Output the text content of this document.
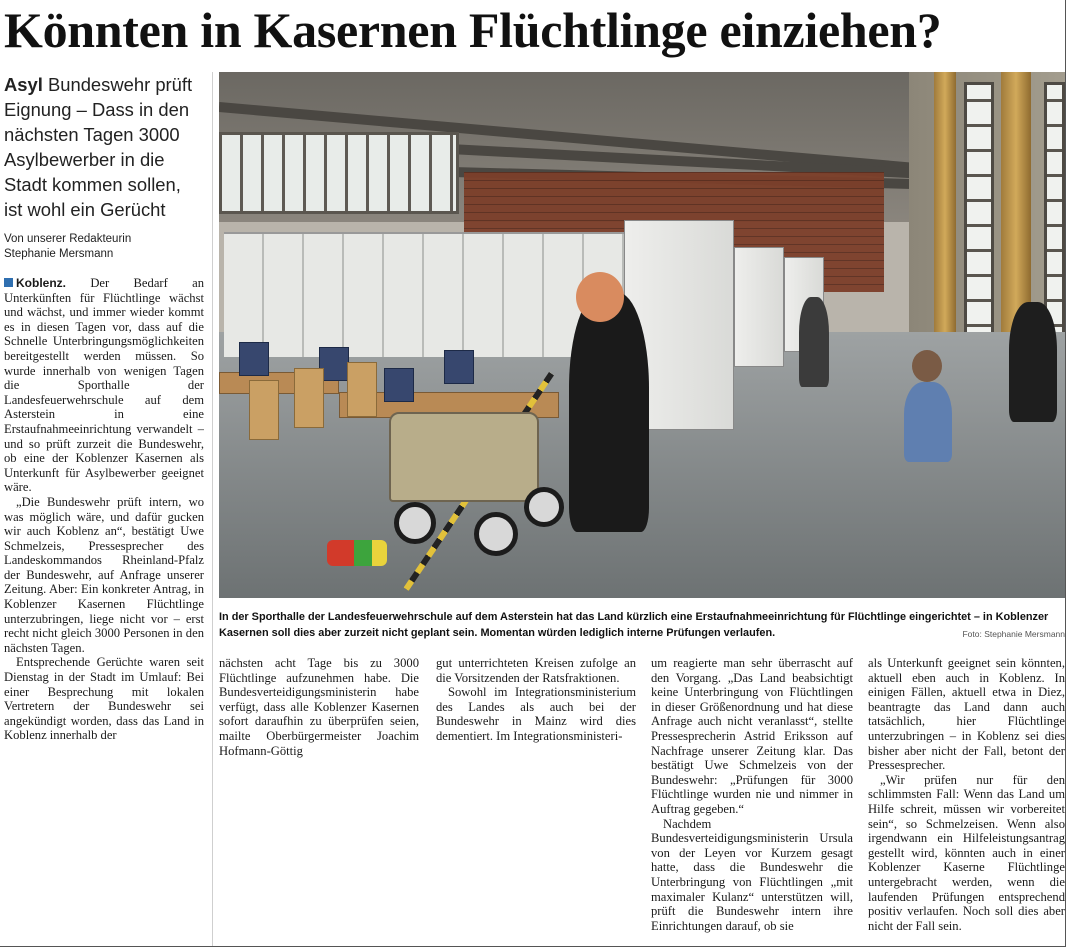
Könnten in Kasernen Flüchtlinge einziehen?
Asyl Bundeswehr prüft Eignung – Dass in den nächsten Tagen 3000 Asylbewerber in die Stadt kommen sollen, ist wohl ein Gerücht
Von unserer Redakteurin
Stephanie Mersmann
In der Sporthalle der Landesfeuerwehrschule auf dem Asterstein hat das Land kürzlich eine Erstaufnahmeeinrichtung für Flüchtlinge eingerichtet – in Koblenzer Kasernen soll dies aber zurzeit nicht geplant sein. Momentan würden lediglich interne Prüfungen verlaufen.	Foto: Stephanie Mersmann

Koblenz. Der Bedarf an Unterkünften für Flüchtlinge wächst und wächst, und immer wieder kommt es in diesen Tagen vor, dass auf die Schnelle Unterbringungsmöglichkeiten bereitgestellt werden müssen. So wurde innerhalb von wenigen Tagen die Sporthalle der Landesfeuerwehrschule auf dem Asterstein in eine Erstaufnahmeeinrichtung verwandelt – und so prüft zurzeit die Bundeswehr, ob eine der Koblenzer Kasernen als Unterkunft für Asylbewerber geeignet wäre.

„Die Bundeswehr prüft intern, wo was möglich wäre, und dafür gucken wir auch Koblenz an“, bestätigt Uwe Schmelzeis, Pressesprecher des Landeskommandos Rheinland-Pfalz der Bundeswehr, auf Anfrage unserer Zeitung. Aber: Ein konkreter Antrag, in Koblenzer Kasernen Flüchtlinge unterzubringen, liege nicht vor – erst recht nicht gleich 3000 Personen in den nächsten Tagen.

Entsprechende Gerüchte waren seit Dienstag in der Stadt im Umlauf: Bei einer Besprechung mit lokalen Vertretern der Bundeswehr sei angekündigt worden, dass das Land in Koblenz innerhalb der

nächsten acht Tage bis zu 3000 Flüchtlinge aufzunehmen habe. Die Bundesverteidigungsministerin habe verfügt, dass alle Koblenzer Kasernen sofort daraufhin zu überprüfen seien, mailte Oberbürgermeister Joachim Hofmann-Göttig

gut unterrichteten Kreisen zufolge an die Vorsitzenden der Ratsfraktionen.

Sowohl im Integrationsministerium des Landes als auch bei der Bundeswehr in Mainz wird dies dementiert. Im Integrationsministeri-

um reagierte man sehr überrascht auf den Vorgang. „Das Land beabsichtigt keine Unterbringung von Flüchtlingen in dieser Größenordnung und hat diese Anfrage auch nicht veranlasst“, stellte Pressesprecherin Astrid Eriksson auf Nachfrage unserer Zeitung klar. Das bestätigt Uwe Schmelzeis von der Bundeswehr: „Prüfungen für 3000 Flüchtlinge wurden nie und nimmer in Auftrag gegeben.“

Nachdem Bundesverteidigungsministerin Ursula von der Leyen vor Kurzem gesagt hatte, dass die Bundeswehr die Unterbringung von Flüchtlingen „mit maximaler Kulanz“ unterstützen will, prüft die Bundeswehr intern ihre Einrichtungen darauf, ob sie

als Unterkunft geeignet sein könnten, aktuell eben auch in Koblenz. In einigen Fällen, aktuell etwa in Diez, beantragte das Land dann auch tatsächlich, hier Flüchtlinge unterzubringen – in Koblenz sei dies bisher aber nicht der Fall, betont der Pressesprecher.

„Wir prüfen nur für den schlimmsten Fall: Wenn das Land um Hilfe schreit, müssen wir vorbereitet sein“, so Schmelzeisen. Wenn also irgendwann ein Hilfeleistungsantrag gestellt wird, könnten auch in einer Koblenzer Kaserne Flüchtlinge untergebracht werden, wenn die laufenden Prüfungen entsprechend positiv verlaufen. Noch soll dies aber nicht der Fall sein.
